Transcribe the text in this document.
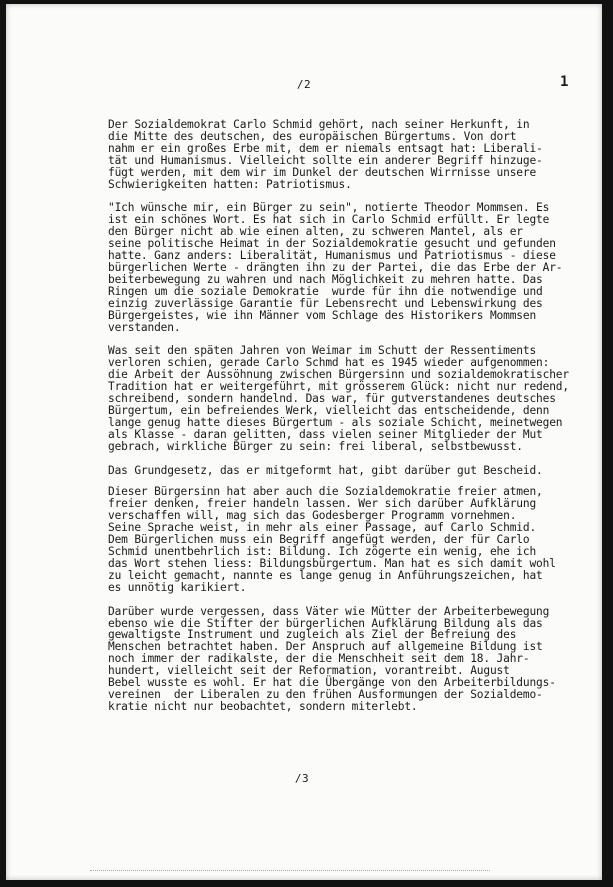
/2	1
Der Sozialdemokrat Carlo Schmid gehört, nach seiner Herkunft, in
die Mitte des deutschen, des europäischen Bürgertums. Von dort
nahm er ein großes Erbe mit, dem er niemals entsagt hat: Liberali-
tät und Humanismus. Vielleicht sollte ein anderer Begriff hinzuge-
fügt werden, mit dem wir im Dunkel der deutschen Wirrnisse unsere
Schwierigkeiten hatten: Patriotismus.
"Ich wünsche mir, ein Bürger zu sein", notierte Theodor Mommsen. Es
ist ein schönes Wort. Es hat sich in Carlo Schmid erfüllt. Er legte
den Bürger nicht ab wie einen alten, zu schweren Mantel, als er
seine politische Heimat in der Sozialdemokratie gesucht und gefunden
hatte. Ganz anders: Liberalität, Humanismus und Patriotismus - diese
bürgerlichen Werte - drängten ihn zu der Partei, die das Erbe der Ar-
beiterbewegung zu wahren und nach Möglichkeit zu mehren hatte. Das
Ringen um die soziale Demokratie  wurde für ihn die notwendige und
einzig zuverlässige Garantie für Lebensrecht und Lebenswirkung des
Bürgergeistes, wie ihn Männer vom Schlage des Historikers Mommsen
verstanden.
Was seit den späten Jahren von Weimar im Schutt der Ressentiments
verloren schien, gerade Carlo Schmd hat es 1945 wieder aufgenommen:
die Arbeit der Aussöhnung zwischen Bürgersinn und sozialdemokratischer
Tradition hat er weitergeführt, mit grösserem Glück: nicht nur redend,
schreibend, sondern handelnd. Das war, für gutverstandenes deutsches
Bürgertum, ein befreiendes Werk, vielleicht das entscheidende, denn
lange genug hatte dieses Bürgertum - als soziale Schicht, meinetwegen
als Klasse - daran gelitten, dass vielen seiner Mitglieder der Mut
gebrach, wirkliche Bürger zu sein: frei liberal, selbstbewusst.
Das Grundgesetz, das er mitgeformt hat, gibt darüber gut Bescheid.
Dieser Bürgersinn hat aber auch die Sozialdemokratie freier atmen,
freier denken, freier handeln lassen. Wer sich darüber Aufklärung
verschaffen will, mag sich das Godesberger Programm vornehmen.
Seine Sprache weist, in mehr als einer Passage, auf Carlo Schmid.
Dem Bürgerlichen muss ein Begriff angefügt werden, der für Carlo
Schmid unentbehrlich ist: Bildung. Ich zögerte ein wenig, ehe ich
das Wort stehen liess: Bildungsbürgertum. Man hat es sich damit wohl
zu leicht gemacht, nannte es lange genug in Anführungszeichen, hat
es unnötig karikiert.
Darüber wurde vergessen, dass Väter wie Mütter der Arbeiterbewegung
ebenso wie die Stifter der bürgerlichen Aufklärung Bildung als das
gewaltigste Instrument und zugleich als Ziel der Befreiung des
Menschen betrachtet haben. Der Anspruch auf allgemeine Bildung ist
noch immer der radikalste, der die Menschheit seit dem 18. Jahr-
hundert, vielleicht seit der Reformation, vorantreibt. August
Bebel wusste es wohl. Er hat die Übergänge von den Arbeiterbildungs-
vereinen  der Liberalen zu den frühen Ausformungen der Sozialdemo-
kratie nicht nur beobachtet, sondern miterlebt.
/3
